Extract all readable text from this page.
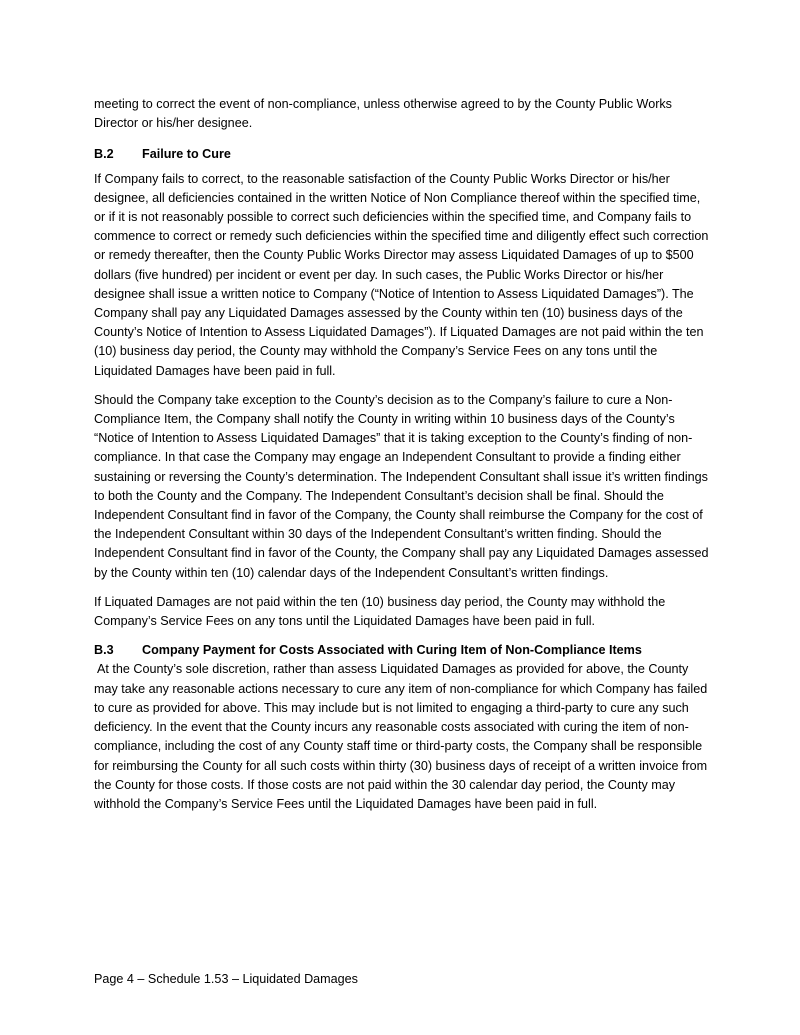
meeting to correct the event of non-compliance, unless otherwise agreed to by the County Public Works Director or his/her designee.

B.2 Failure to Cure

If Company fails to correct, to the reasonable satisfaction of the County Public Works Director or his/her designee, all deficiencies contained in the written Notice of Non Compliance thereof within the specified time, or if it is not reasonably possible to correct such deficiencies within the specified time, and Company fails to commence to correct or remedy such deficiencies within the specified time and diligently effect such correction or remedy thereafter, then the County Public Works Director may assess Liquidated Damages of up to $500 dollars (five hundred) per incident or event per day. In such cases, the Public Works Director or his/her designee shall issue a written notice to Company (“Notice of Intention to Assess Liquidated Damages”). The Company shall pay any Liquidated Damages assessed by the County within ten (10) business days of the County’s Notice of Intention to Assess Liquidated Damages”). If Liquated Damages are not paid within the ten (10) business day period, the County may withhold the Company’s Service Fees on any tons until the Liquidated Damages have been paid in full.

Should the Company take exception to the County’s decision as to the Company’s failure to cure a Non-Compliance Item, the Company shall notify the County in writing within 10 business days of the County’s “Notice of Intention to Assess Liquidated Damages” that it is taking exception to the County’s finding of non-compliance. In that case the Company may engage an Independent Consultant to provide a finding either sustaining or reversing the County’s determination. The Independent Consultant shall issue it’s written findings to both the County and the Company. The Independent Consultant’s decision shall be final. Should the Independent Consultant find in favor of the Company, the County shall reimburse the Company for the cost of the Independent Consultant within 30 days of the Independent Consultant’s written finding. Should the Independent Consultant find in favor of the County, the Company shall pay any Liquidated Damages assessed by the County within ten (10) calendar days of the Independent Consultant’s written findings.

If Liquated Damages are not paid within the ten (10) business day period, the County may withhold the Company’s Service Fees on any tons until the Liquidated Damages have been paid in full.

B.3 Company Payment for Costs Associated with Curing Item of Non-Compliance Items

At the County’s sole discretion, rather than assess Liquidated Damages as provided for above, the County may take any reasonable actions necessary to cure any item of non-compliance for which Company has failed to cure as provided for above. This may include but is not limited to engaging a third-party to cure any such deficiency. In the event that the County incurs any reasonable costs associated with curing the item of non-compliance, including the cost of any County staff time or third-party costs, the Company shall be responsible for reimbursing the County for all such costs within thirty (30) business days of receipt of a written invoice from the County for those costs. If those costs are not paid within the 30 calendar day period, the County may withhold the Company’s Service Fees until the Liquidated Damages have been paid in full.

Page 4 – Schedule 1.53 – Liquidated Damages
